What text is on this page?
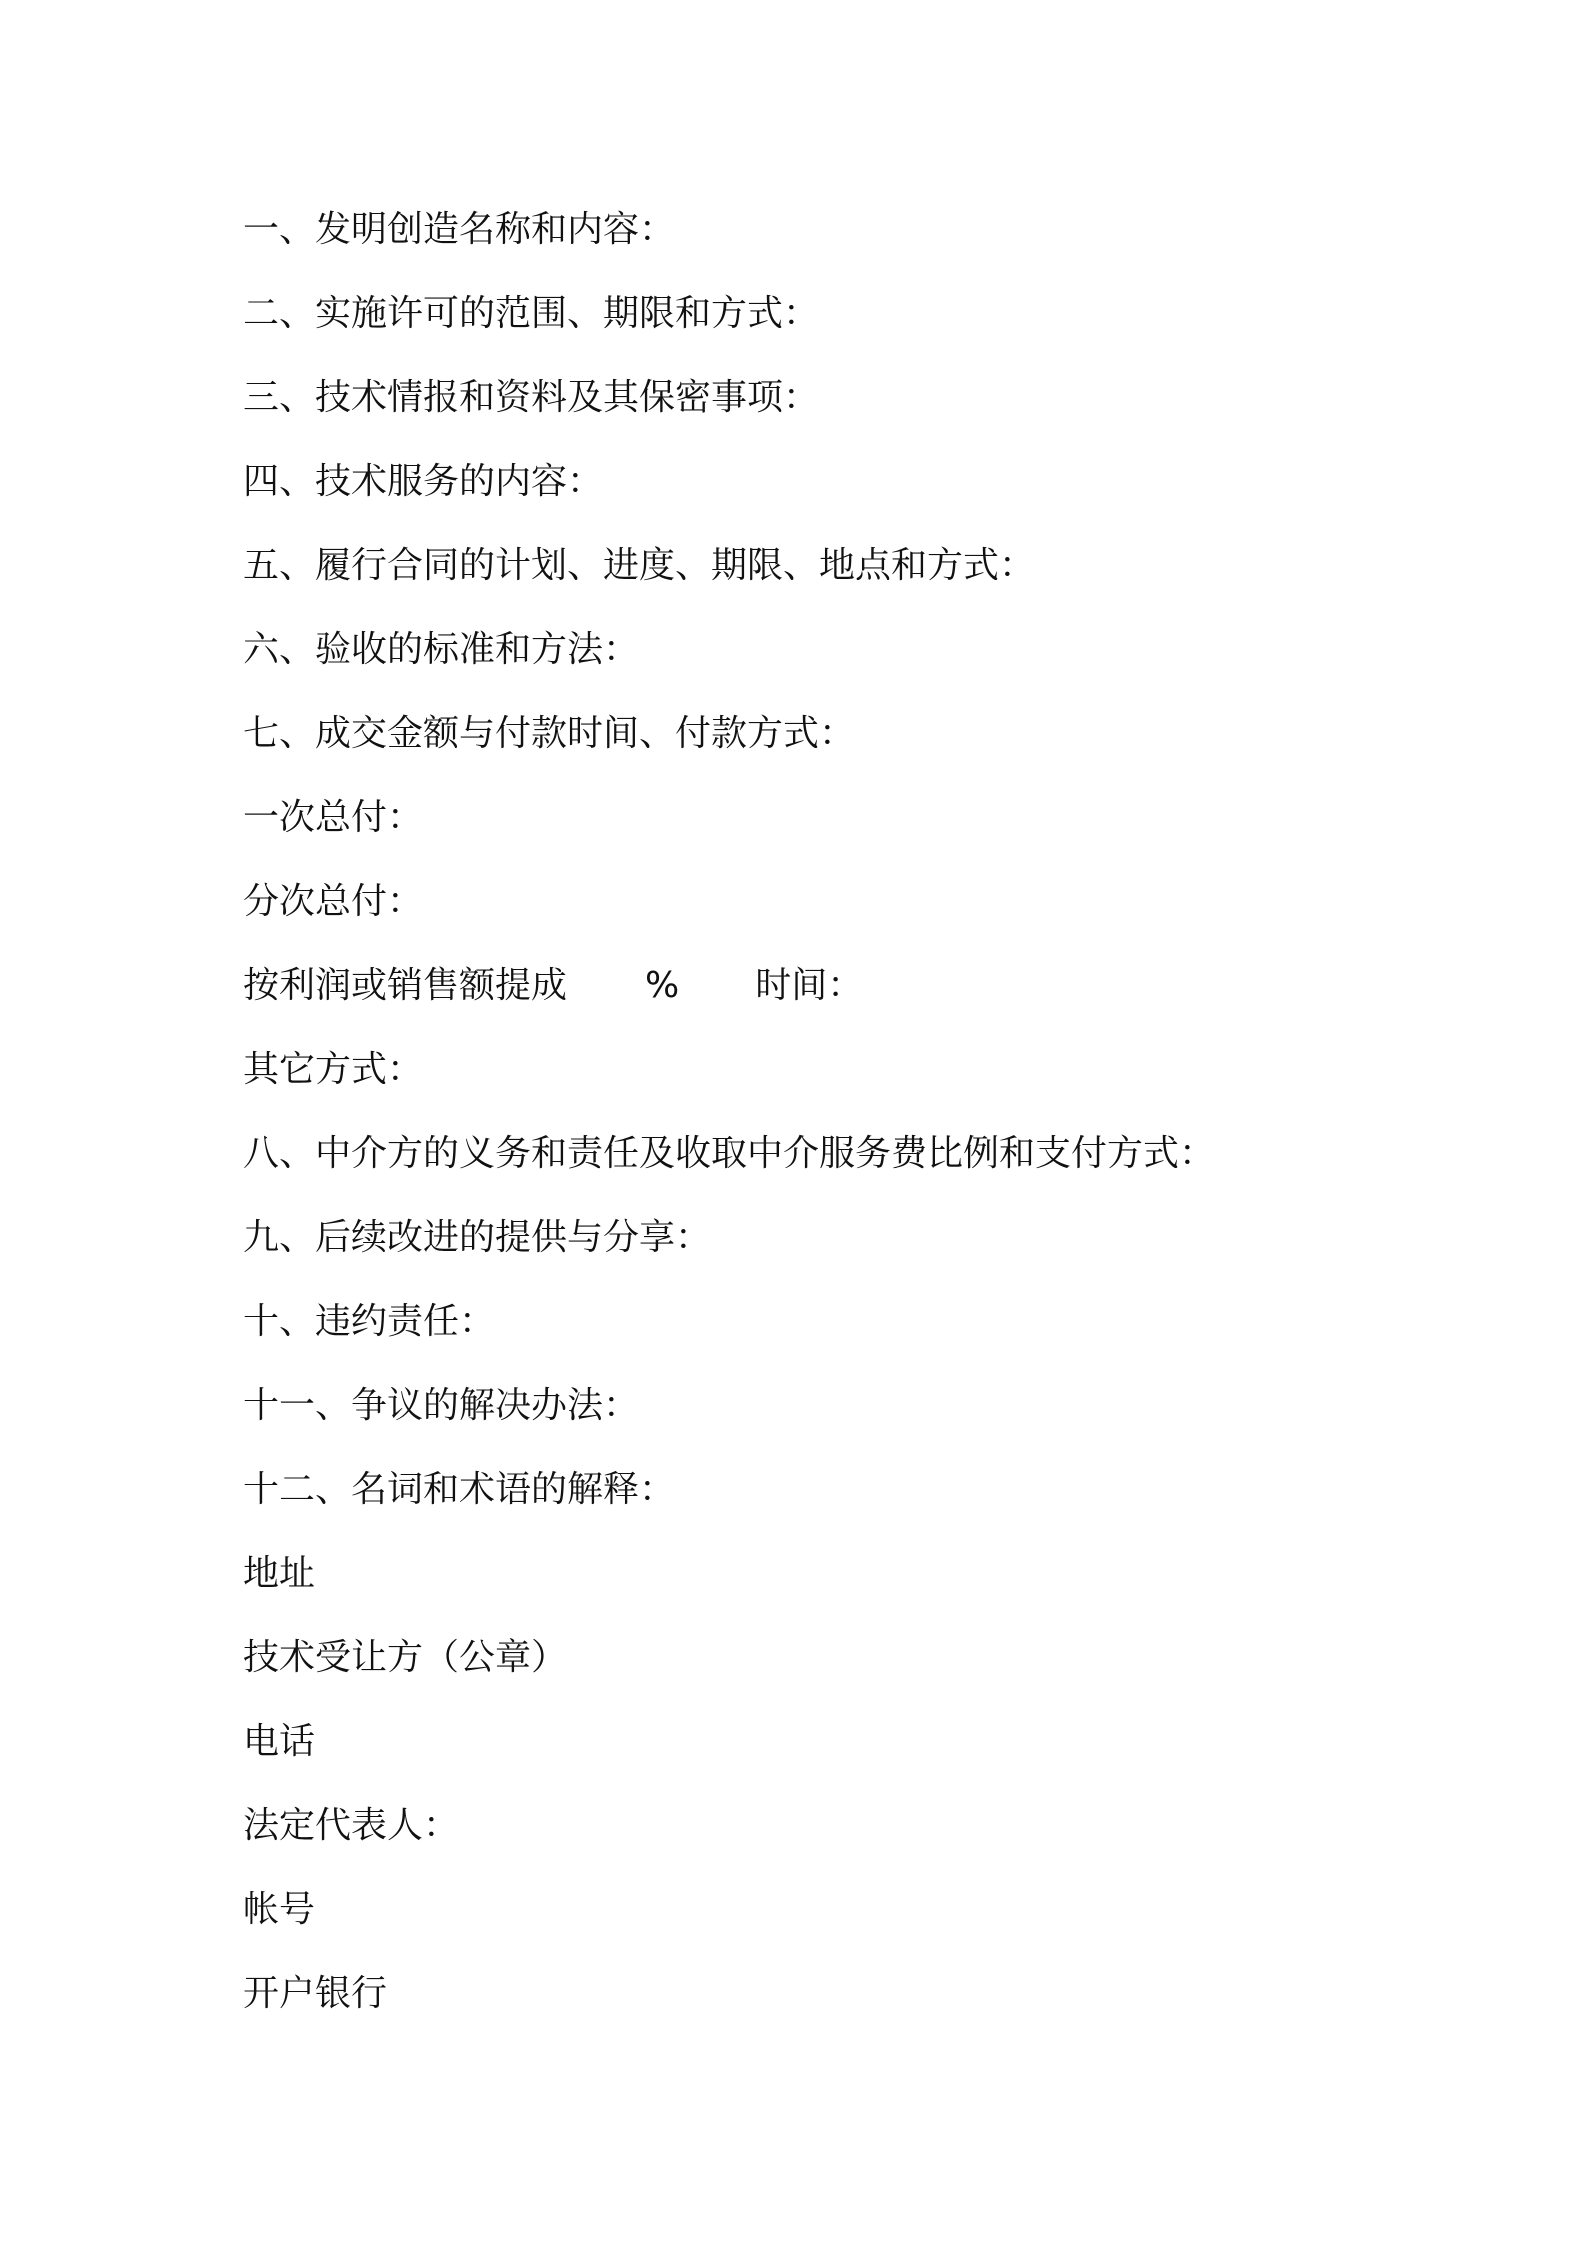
一、发明创造名称和内容：
二、实施许可的范围、期限和方式：
三、技术情报和资料及其保密事项：
四、技术服务的内容：
五、履行合同的计划、进度、期限、地点和方式：
六、验收的标准和方法：
七、成交金额与付款时间、付款方式：
一次总付：
分次总付：
按利润或销售额提成 % 时间：
其它方式：
八、中介方的义务和责任及收取中介服务费比例和支付方式：
九、后续改进的提供与分享：
十、违约责任：
十一、争议的解决办法：
十二、名词和术语的解释：
地址
技术受让方（公章）
电话
法定代表人：
帐号
开户银行
